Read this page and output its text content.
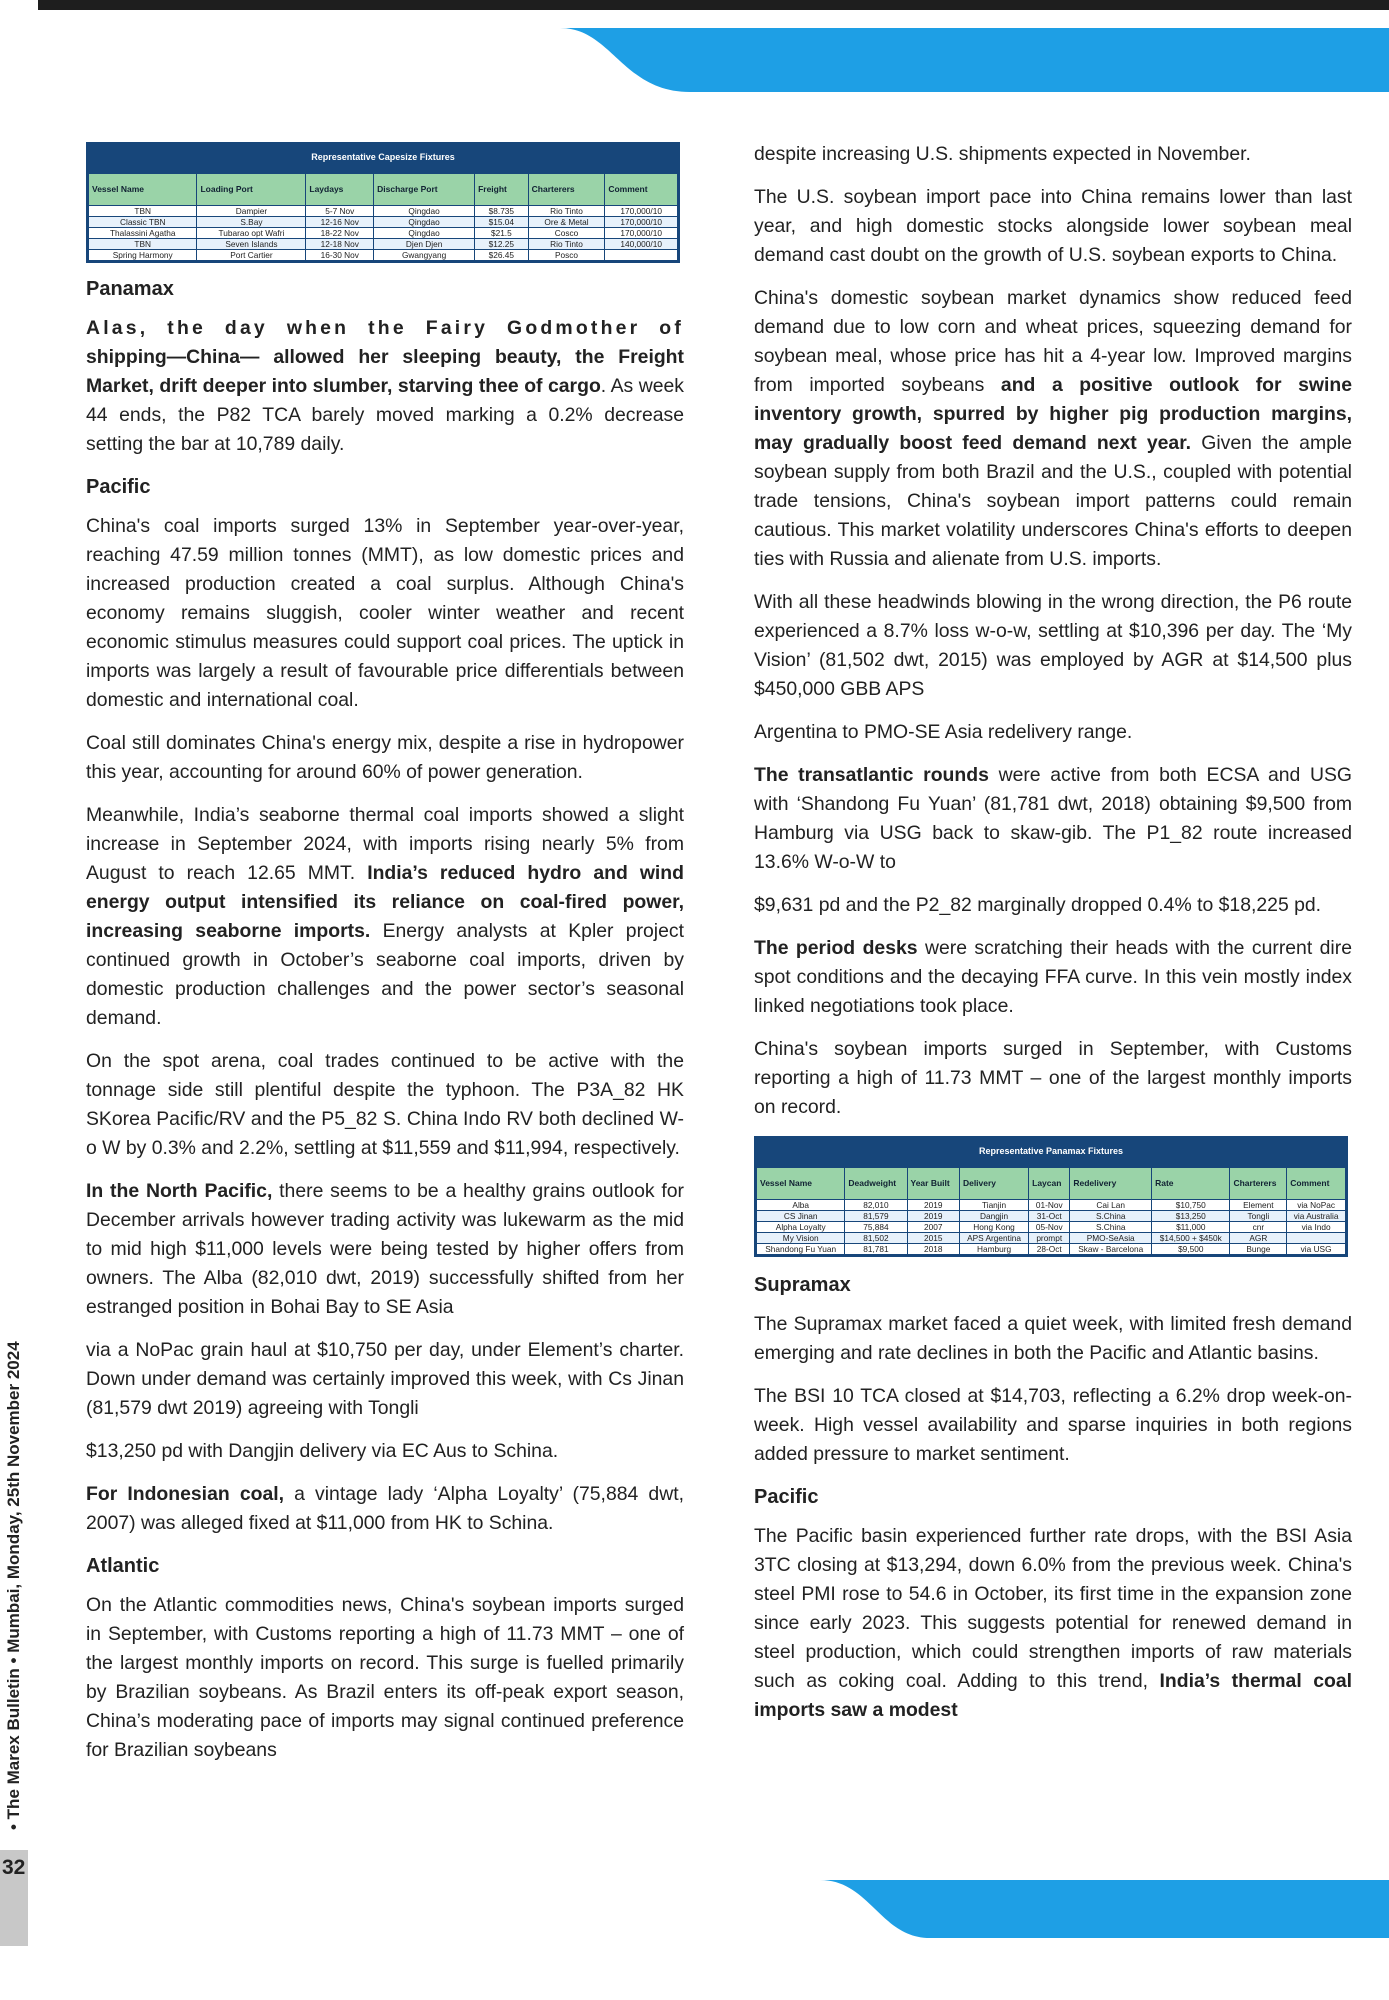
• The Marex Bulletin • Mumbai, Monday, 25th November 2024
32
Representative Capesize Fixtures
Vessel Name	Loading Port	Laydays	Discharge Port	Freight	Charterers	Comment
TBN	Dampier	5-7 Nov	Qingdao	$8.735	Rio Tinto	170,000/10
Classic TBN	S.Bay	12-16 Nov	Qingdao	$15.04	Ore & Metal	170,000/10
Thalassini Agatha	Tubarao opt Wafri	18-22 Nov	Qingdao	$21.5	Cosco	170,000/10
TBN	Seven Islands	12-18 Nov	Djen Djen	$12.25	Rio Tinto	140,000/10
Spring Harmony	Port Cartier	16-30 Nov	Gwangyang	$26.45	Posco	
Panamax

Alas, the day when the Fairy Godmother of shipping—China— allowed her sleeping beauty, the Freight Market, drift deeper into slumber, starving thee of cargo. As week 44 ends, the P82 TCA barely moved marking a 0.2% decrease setting the bar at 10,789 daily.

Pacific

China's coal imports surged 13% in September year-over-year, reaching 47.59 million tonnes (MMT), as low domestic prices and increased production created a coal surplus. Although China's economy remains sluggish, cooler winter weather and recent economic stimulus measures could support coal prices. The uptick in imports was largely a result of favourable price differentials between domestic and international coal.

Coal still dominates China's energy mix, despite a rise in hydropower this year, accounting for around 60% of power generation.

Meanwhile, India’s seaborne thermal coal imports showed a slight increase in September 2024, with imports rising nearly 5% from August to reach 12.65 MMT. India’s reduced hydro and wind energy output intensified its reliance on coal-fired power, increasing seaborne imports. Energy analysts at Kpler project continued growth in October’s seaborne coal imports, driven by domestic production challenges and the power sector’s seasonal demand.

On the spot arena, coal trades continued to be active with the tonnage side still plentiful despite the typhoon. The P3A_82 HK SKorea Pacific/RV and the P5_82 S. China Indo RV both declined W-o W by 0.3% and 2.2%, settling at $11,559 and $11,994, respectively.

In the North Pacific, there seems to be a healthy grains outlook for December arrivals however trading activity was lukewarm as the mid to mid high $11,000 levels were being tested by higher offers from owners. The Alba (82,010 dwt, 2019) successfully shifted from her estranged position in Bohai Bay to SE Asia

via a NoPac grain haul at $10,750 per day, under Element’s charter. Down under demand was certainly improved this week, with Cs Jinan (81,579 dwt 2019) agreeing with Tongli

$13,250 pd with Dangjin delivery via EC Aus to Schina.

For Indonesian coal, a vintage lady ‘Alpha Loyalty’ (75,884 dwt, 2007) was alleged fixed at $11,000 from HK to Schina.

Atlantic

On the Atlantic commodities news, China's soybean imports surged in September, with Customs reporting a high of 11.73 MMT – one of the largest monthly imports on record. This surge is fuelled primarily by Brazilian soybeans. As Brazil enters its off-peak export season, China’s moderating pace of imports may signal continued preference for Brazilian soybeans

despite increasing U.S. shipments expected in November.

The U.S. soybean import pace into China remains lower than last year, and high domestic stocks alongside lower soybean meal demand cast doubt on the growth of U.S. soybean exports to China.

China's domestic soybean market dynamics show reduced feed demand due to low corn and wheat prices, squeezing demand for soybean meal, whose price has hit a 4-year low. Improved margins from imported soybeans and a positive outlook for swine inventory growth, spurred by higher pig production margins, may gradually boost feed demand next year. Given the ample soybean supply from both Brazil and the U.S., coupled with potential trade tensions, China's soybean import patterns could remain cautious. This market volatility underscores China's efforts to deepen ties with Russia and alienate from U.S. imports.

With all these headwinds blowing in the wrong direction, the P6 route experienced a 8.7% loss w-o-w, settling at $10,396 per day. The ‘My Vision’ (81,502 dwt, 2015) was employed by AGR at $14,500 plus $450,000 GBB APS

Argentina to PMO-SE Asia redelivery range.

The transatlantic rounds were active from both ECSA and USG with ‘Shandong Fu Yuan’ (81,781 dwt, 2018) obtaining $9,500 from Hamburg via USG back to skaw-gib. The P1_82 route increased 13.6% W-o-W to

$9,631 pd and the P2_82 marginally dropped 0.4% to $18,225 pd.

The period desks were scratching their heads with the current dire spot conditions and the decaying FFA curve. In this vein mostly index linked negotiations took place.

China's soybean imports surged in September, with Customs reporting a high of 11.73 MMT – one of the largest monthly imports on record.

Representative Panamax Fixtures
Vessel Name	Deadweight	Year Built	Delivery	Laycan	Redelivery	Rate	Charterers	Comment
Alba	82,010	2019	Tianjin	01-Nov	Cai Lan	$10,750	Element	via NoPac
CS Jinan	81,579	2019	Dangjin	31-Oct	S.China	$13,250	Tongli	via Australia
Alpha Loyalty	75,884	2007	Hong Kong	05-Nov	S.China	$11,000	cnr	via Indo
My Vision	81,502	2015	APS Argentina	prompt	PMO-SeAsia	$14,500 + $450k	AGR	
Shandong Fu Yuan	81,781	2018	Hamburg	28-Oct	Skaw - Barcelona	$9,500	Bunge	via USG
Supramax

The Supramax market faced a quiet week, with limited fresh demand emerging and rate declines in both the Pacific and Atlantic basins.

The BSI 10 TCA closed at $14,703, reflecting a 6.2% drop week-on-week. High vessel availability and sparse inquiries in both regions added pressure to market sentiment.

Pacific

The Pacific basin experienced further rate drops, with the BSI Asia 3TC closing at $13,294, down 6.0% from the previous week. China's steel PMI rose to 54.6 in October, its first time in the expansion zone since early 2023. This suggests potential for renewed demand in steel production, which could strengthen imports of raw materials such as coking coal. Adding to this trend, India’s thermal coal imports saw a modest
